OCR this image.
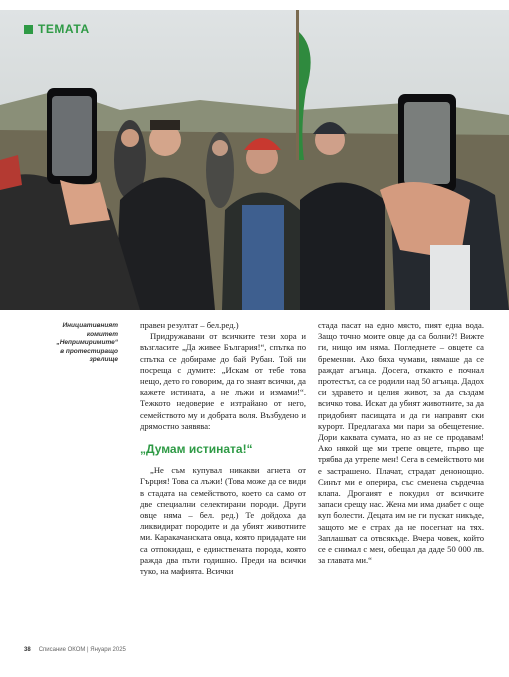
ТЕМАТА
Инициативният комитет „Непримиримите“ в протестиращо зрелище

правен резултат – бел.ред.)

Придружавани от всичките тези хора и възгласите „Да живее България!“, спътка по спътка се добираме до бай Рубан. Той ни посреща с думите: „Искам от тебе това нещо, дето го говорим, да го знаят всички, да кажете истината, а не лъжи и измами!“. Тежкото недоверие е изтрайано от него, семейството му и добрата воля. Възбудено и дрямостно заявява:

„Думам истината!“

„Не съм купувал никакви агнета от Гърция! Това са лъжи! (Това може да се види в стадата на семейството, което са само от две специални селектирани породи. Други овце няма – бел. ред.) Те дойдоха да ликвидират породите и да убият животните ми. Каракачанската овца, която придадате ни са отпокидаш, е единствената порода, която ражда два пъти годишно. Преди на всички туко, на мафията. Всички

стада пасат на едно място, пият една вода. Защо точно моите овце да са болни?! Вижте ги, нищо им няма. Погледнете – овцете са бременни. Ако бяха чумави, нямаше да се раждат агънца. Досега, откакто е почнал протестът, са се родили над 50 агънца. Дадох си здравето и целия живот, за да създам всичко това. Искат да убият животните, за да придобият пасищата и да ги направят ски курорт. Предлагаха ми пари за обещетение. Дори каквата сумата, но аз не се продавам! Ако някой ще ми трепе овцете, първо ще трябва да утрепе мен! Сега в семейството ми е застрашено. Плачат, страдат денонощно. Синът ми е оперира, със сменена сърдечна клапа. Дрогаият е покудил от всичките запаси срещу нас. Жена ми има диабет с още куп болести. Децата им не ги пускат никъде, защото ме е страх да не посегнат на тях. Заплашват са отвсякъде. Вчера човек, който се е снимал с мен, обещал да даде 50 000 лв. за главата ми.“

38 Списание ОКОМ | Януари 2025
